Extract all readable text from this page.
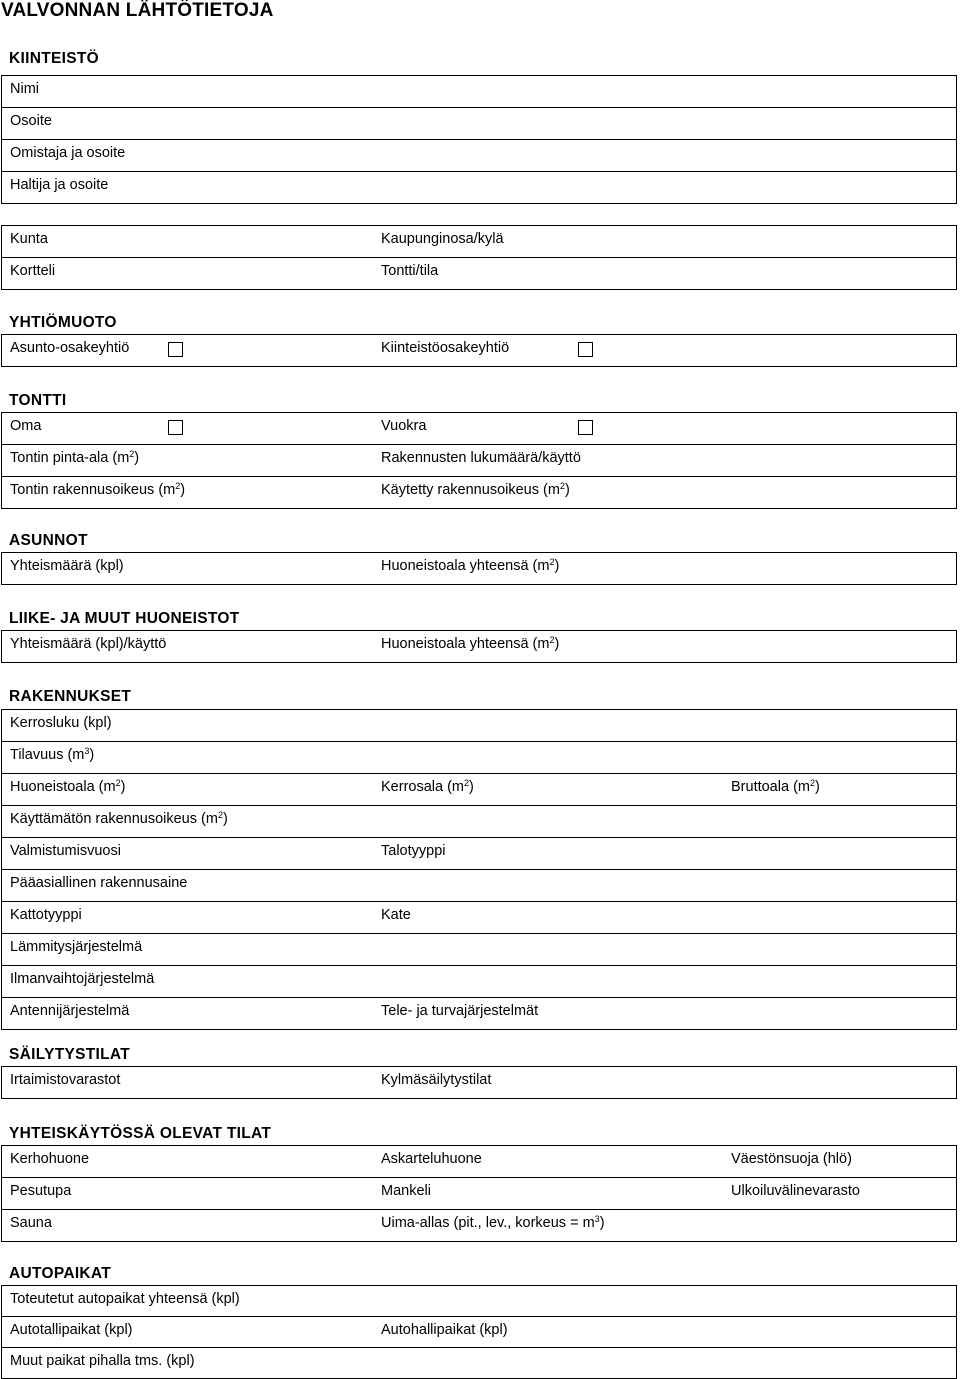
VALVONNAN LÄHTÖTIETOJA
KIINTEISTÖ
Nimi
Osoite
Omistaja ja osoite
Haltija ja osoite
Kunta	Kaupunginosa/kylä
Kortteli	Tontti/tila
YHTIÖMUOTO
Asunto-osakeyhtiö	Kiinteistöosakeyhtiö
TONTTI
Oma	Vuokra
Tontin pinta-ala $(m^2)$	Rakennusten lukumäärä/käyttö
Tontin rakennusoikeus $(m^2)$	Käytetty rakennusoikeus $(m^2)$
ASUNNOT
Yhteismäärä (kpl)	Huoneistoala yhteensä $(m^2)$
LIIKE- JA MUUT HUONEISTOT
Yhteismäärä (kpl)/käyttö	Huoneistoala yhteensä $(m^2)$
RAKENNUKSET
Kerrosluku (kpl)
Tilavuus $(m^3)$
Huoneistoala $(m^2)$	Kerrosala $(m^2)$	Bruttoala $(m^2)$
Käyttämätön rakennusoikeus $(m^2)$
Valmistumisvuosi	Talotyyppi
Pääasiallinen rakennusaine
Kattotyyppi	Kate
Lämmitysjärjestelmä
Ilmanvaihtojärjestelmä
Antennijärjestelmä	Tele- ja turvajärjestelmät
SÄILYTYSTILAT
Irtaimistovarastot	Kylmäsäilytystilat
YHTEISKÄYTÖSSÄ OLEVAT TILAT
Kerhohuone	Askarteluhuone	Väestönsuoja (hlö)
Pesutupa	Mankeli	Ulkoiluvälinevarasto
Sauna	Uima-allas (pit., lev., korkeus = $m^3$)
AUTOPAIKAT
Toteutetut autopaikat yhteensä (kpl)
Autotallipaikat (kpl)	Autohallipaikat (kpl)
Muut paikat pihalla tms. (kpl)
